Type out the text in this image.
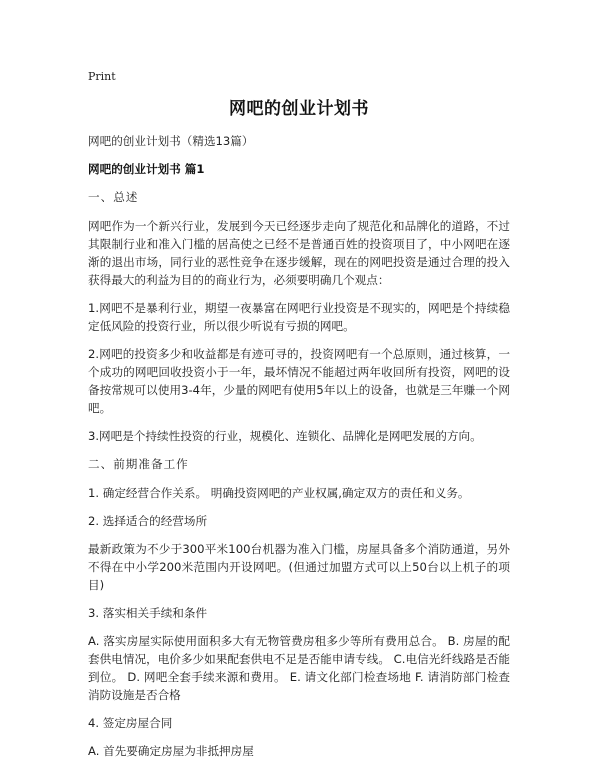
Print
网吧的创业计划书
网吧的创业计划书（精选13篇）
网吧的创业计划书 篇1
一、总述
网吧作为一个新兴行业，发展到今天已经逐步走向了规范化和品牌化的道路，不过其限制行业和准入门槛的居高使之已经不是普通百姓的投资项目了，中小网吧在逐渐的退出市场，同行业的恶性竞争在逐步缓解，现在的网吧投资是通过合理的投入获得最大的利益为目的的商业行为，必须要明确几个观点：
1.网吧不是暴利行业，期望一夜暴富在网吧行业投资是不现实的，网吧是个持续稳定低风险的投资行业，所以很少听说有亏损的网吧。
2.网吧的投资多少和收益都是有迹可寻的，投资网吧有一个总原则，通过核算，一个成功的网吧回收投资小于一年，最坏情况不能超过两年收回所有投资，网吧的设备按常规可以使用3-4年，少量的网吧有使用5年以上的设备，也就是三年赚一个网吧。
3.网吧是个持续性投资的行业，规模化、连锁化、品牌化是网吧发展的方向。
二、前期准备工作
1. 确定经营合作关系。 明确投资网吧的产业权属,确定双方的责任和义务。
2. 选择适合的经营场所
最新政策为不少于300平米100台机器为准入门槛，房屋具备多个消防通道，另外不得在中小学200米范围内开设网吧。(但通过加盟方式可以上50台以上机子的项目)
3. 落实相关手续和条件
A. 落实房屋实际使用面积多大有无物管费房租多少等所有费用总合。 B. 房屋的配套供电情况，电价多少如果配套供电不足是否能申请专线。 C.电信光纤线路是否能到位。 D. 网吧全套手续来源和费用。 E. 请文化部门检查场地 F. 请消防部门检查消防设施是否合格
4. 签定房屋合同
A. 首先要确定房屋为非抵押房屋
